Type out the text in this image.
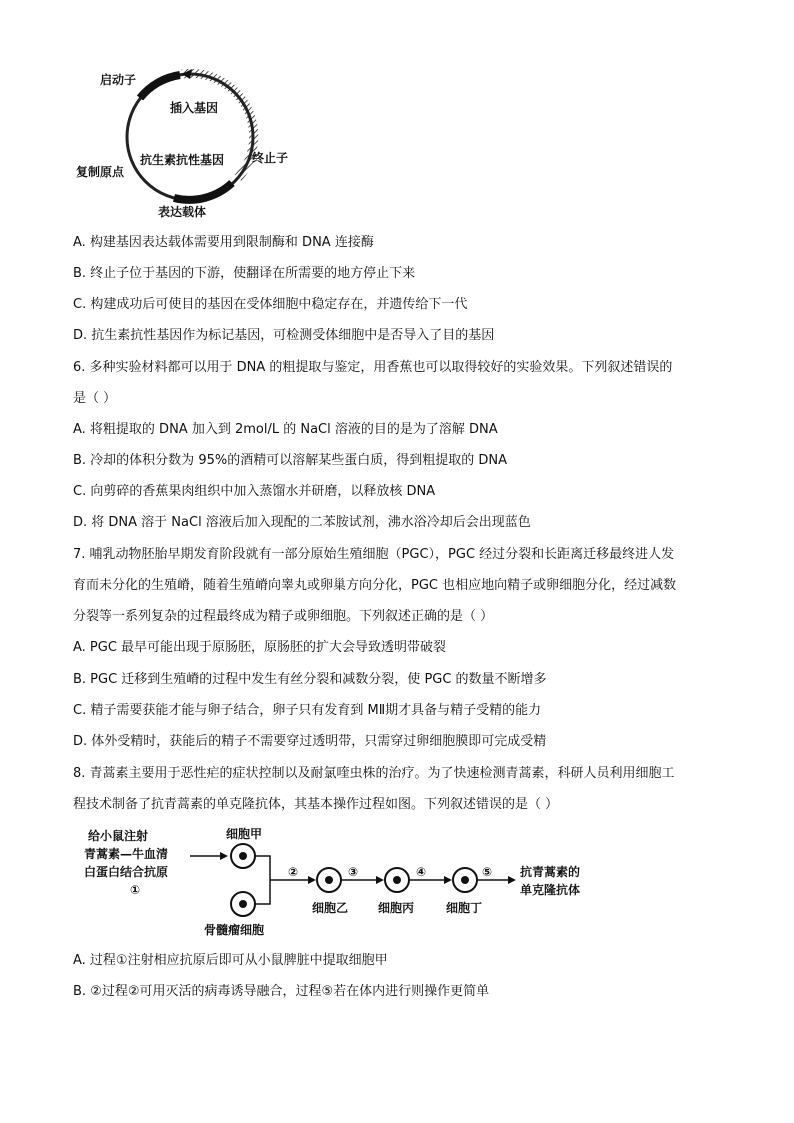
启动子
插入基因
终止子
抗生素抗性基因
复制原点
表达载体
A. 构建基因表达载体需要用到限制酶和 DNA 连接酶
B. 终止子位于基因的下游，使翻译在所需要的地方停止下来
C. 构建成功后可使目的基因在受体细胞中稳定存在，并遗传给下一代
D. 抗生素抗性基因作为标记基因，可检测受体细胞中是否导入了目的基因
6. 多种实验材料都可以用于 DNA 的粗提取与鉴定，用香蕉也可以取得较好的实验效果。下列叙述错误的
是（ ）
A. 将粗提取的 DNA 加入到 2mol/L 的 NaCl 溶液的目的是为了溶解 DNA
B. 冷却的体积分数为 95%的酒精可以溶解某些蛋白质，得到粗提取的 DNA
C. 向剪碎的香蕉果肉组织中加入蒸馏水并研磨，以释放核 DNA
D. 将 DNA 溶于 NaCl 溶液后加入现配的二苯胺试剂，沸水浴冷却后会出现蓝色
7. 哺乳动物胚胎早期发育阶段就有一部分原始生殖细胞（PGC），PGC 经过分裂和长距离迁移最终进人发
育而未分化的生殖嵴，随着生殖嵴向睾丸或卵巢方向分化，PGC 也相应地向精子或卵细胞分化，经过减数
分裂等一系列复杂的过程最终成为精子或卵细胞。下列叙述正确的是（ ）
A. PGC 最早可能出现于原肠胚，原肠胚的扩大会导致透明带破裂
B. PGC 迁移到生殖嵴的过程中发生有丝分裂和减数分裂，使 PGC 的数量不断增多
C. 精子需要获能才能与卵子结合，卵子只有发育到 MⅡ期才具备与精子受精的能力
D. 体外受精时，获能后的精子不需要穿过透明带，只需穿过卵细胞膜即可完成受精
8. 青蒿素主要用于恶性疟的症状控制以及耐氯喹虫株的治疗。为了快速检测青蒿素，科研人员利用细胞工
程技术制备了抗青蒿素的单克隆抗体，其基本操作过程如图。下列叙述错误的是（ ）
给小鼠注射
青蒿素—牛血清
白蛋白结合抗原
①
细胞甲
骨髓瘤细胞
②
细胞乙
③
细胞丙
④
细胞丁
⑤ 抗青蒿素的
单克隆抗体
A. 过程①注射相应抗原后即可从小鼠脾脏中提取细胞甲
B. ②过程②可用灭活的病毒诱导融合，过程⑤若在体内进行则操作更简单
